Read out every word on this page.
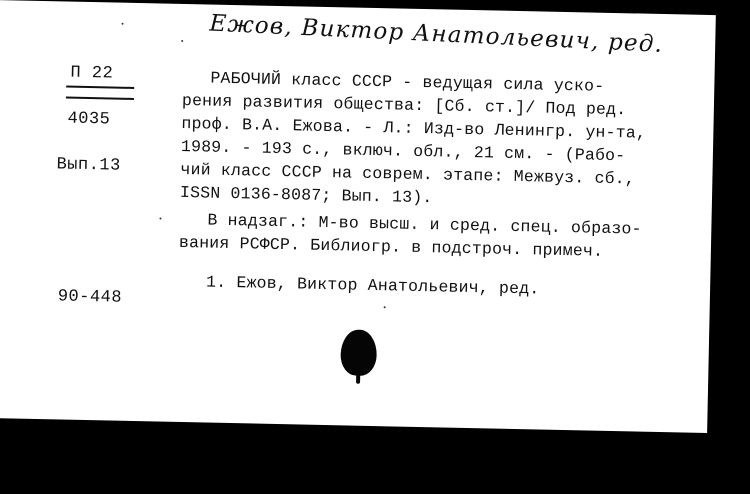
Ежов, Виктор Анатольевич, ред.
П 22
4035
Вып.13
90-448
РАБОЧИЙ класс СССР - ведущая сила уско-
рения развития общества: [Сб. ст.]/ Под ред.
проф. В.А. Ежова. - Л.: Изд-во Ленингр. ун-та,
1989. - 193 с., включ. обл., 21 см. - (Рабо-
чий класс СССР на соврем. этапе: Межвуз. сб.,
ISSN 0136-8087; Вып. 13).
В надзаг.: М-во высш. и сред. спец. образо-
вания РСФСР. Библиогр. в подстроч. примеч.
1. Ежов, Виктор Анатольевич, ред.
